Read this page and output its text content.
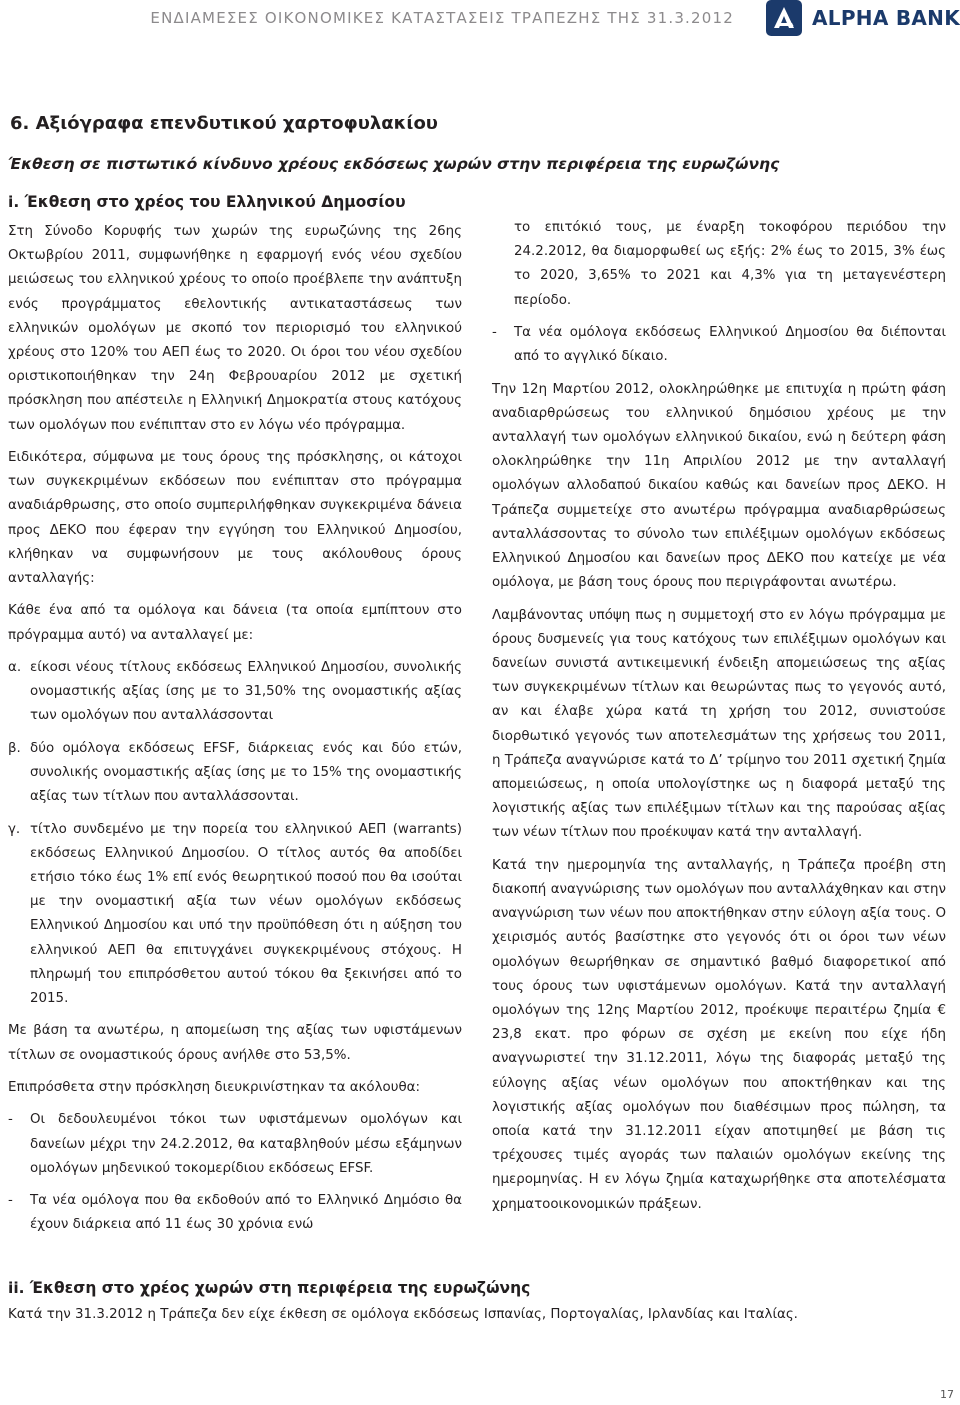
ΕΝΔΙΑΜΕΣΕΣ ΟΙΚΟΝΟΜΙΚΕΣ ΚΑΤΑΣΤΑΣΕΙΣ ΤΡΑΠΕΖΗΣ ΤΗΣ 31.3.2012	ALPHA BANK
6. Αξιόγραφα επενδυτικού χαρτοφυλακίου
Έκθεση σε πιστωτικό κίνδυνο χρέους εκδόσεως χωρών στην περιφέρεια της ευρωζώνης
i. Έκθεση στο χρέος του Ελληνικού Δημοσίου

Στη Σύνοδο Κορυφής των χωρών της ευρωζώνης της 26ης Οκτωβρίου 2011, συμφωνήθηκε η εφαρμογή ενός νέου σχεδίου μειώσεως του ελληνικού χρέους το οποίο προέβλεπε την ανάπτυξη ενός προγράμματος εθελοντικής αντικαταστάσεως των ελληνικών ομολόγων με σκοπό τον περιορισμό του ελληνικού χρέους στο 120% του ΑΕΠ έως το 2020. Οι όροι του νέου σχεδίου οριστικοποιήθηκαν την 24η Φεβρουαρίου 2012 με σχετική πρόσκληση που απέστειλε η Ελληνική Δημοκρατία στους κατόχους των ομολόγων που ενέπιπταν στο εν λόγω νέο πρόγραμμα.

Ειδικότερα, σύμφωνα με τους όρους της πρόσκλησης, οι κάτοχοι των συγκεκριμένων εκδόσεων που ενέπιπταν στο πρόγραμμα αναδιάρθρωσης, στο οποίο συμπεριλήφθηκαν συγκεκριμένα δάνεια προς ΔΕΚΟ που έφεραν την εγγύηση του Ελληνικού Δημοσίου, κλήθηκαν να συμφωνήσουν με τους ακόλουθους όρους ανταλλαγής:

Κάθε ένα από τα ομόλογα και δάνεια (τα οποία εμπίπτουν στο πρόγραμμα αυτό) να ανταλλαγεί με:

α. είκοσι νέους τίτλους εκδόσεως Ελληνικού Δημοσίου, συνολικής ονομαστικής αξίας ίσης με το 31,50% της ονομαστικής αξίας των ομολόγων που ανταλλάσσονται
β. δύο ομόλογα εκδόσεως EFSF, διάρκειας ενός και δύο ετών, συνολικής ονομαστικής αξίας ίσης με το 15% της ονομαστικής αξίας των τίτλων που ανταλλάσσονται.
γ. τίτλο συνδεμένο με την πορεία του ελληνικού ΑΕΠ (warrants) εκδόσεως Ελληνικού Δημοσίου. Ο τίτλος αυτός θα αποδίδει ετήσιο τόκο έως 1% επί ενός θεωρητικού ποσού που θα ισούται με την ονομαστική αξία των νέων ομολόγων εκδόσεως Ελληνικού Δημοσίου και υπό την προϋπόθεση ότι η αύξηση του ελληνικού ΑΕΠ θα επιτυγχάνει συγκεκριμένους στόχους. Η πληρωμή του επιπρόσθετου αυτού τόκου θα ξεκινήσει από το 2015.

Με βάση τα ανωτέρω, η απομείωση της αξίας των υφιστάμενων τίτλων σε ονομαστικούς όρους ανήλθε στο 53,5%.

Επιπρόσθετα στην πρόσκληση διευκρινίστηκαν τα ακόλουθα:

-	Οι δεδουλευμένοι τόκοι των υφιστάμενων ομολόγων και δανείων μέχρι την 24.2.2012, θα καταβληθούν μέσω εξάμηνων ομολόγων μηδενικού τοκομερίδιου εκδόσεως EFSF.
-	Τα νέα ομόλογα που θα εκδοθούν από το Ελληνικό Δημόσιο θα έχουν διάρκεια από 11 έως 30 χρόνια ενώ
το επιτόκιό τους, με έναρξη τοκοφόρου περιόδου την 24.2.2012, θα διαμορφωθεί ως εξής: 2% έως το 2015, 3% έως το 2020, 3,65% το 2021 και 4,3% για τη μεταγενέστερη περίοδο.
-	Τα νέα ομόλογα εκδόσεως Ελληνικού Δημοσίου θα διέπονται από το αγγλικό δίκαιο.

Την 12η Μαρτίου 2012, ολοκληρώθηκε με επιτυχία η πρώτη φάση αναδιαρθρώσεως του ελληνικού δημόσιου χρέους με την ανταλλαγή των ομολόγων ελληνικού δικαίου, ενώ η δεύτερη φάση ολοκληρώθηκε την 11η Απριλίου 2012 με την ανταλλαγή ομολόγων αλλοδαπού δικαίου καθώς και δανείων προς ΔΕΚΟ. Η Τράπεζα συμμετείχε στο ανωτέρω πρόγραμμα αναδιαρθρώσεως ανταλλάσσοντας το σύνολο των επιλέξιμων ομολόγων εκδόσεως Ελληνικού Δημοσίου και δανείων προς ΔΕΚΟ που κατείχε με νέα ομόλογα, με βάση τους όρους που περιγράφονται ανωτέρω.

Λαμβάνοντας υπόψη πως η συμμετοχή στο εν λόγω πρόγραμμα με όρους δυσμενείς για τους κατόχους των επιλέξιμων ομολόγων και δανείων συνιστά αντικειμενική ένδειξη απομειώσεως της αξίας των συγκεκριμένων τίτλων και θεωρώντας πως το γεγονός αυτό, αν και έλαβε χώρα κατά τη χρήση του 2012, συνιστούσε διορθωτικό γεγονός των αποτελεσμάτων της χρήσεως του 2011, η Τράπεζα αναγνώρισε κατά το Δ’ τρίμηνο του 2011 σχετική ζημία απομειώσεως, η οποία υπολογίστηκε ως η διαφορά μεταξύ της λογιστικής αξίας των επιλέξιμων τίτλων και της παρούσας αξίας των νέων τίτλων που προέκυψαν κατά την ανταλλαγή.

Κατά την ημερομηνία της ανταλλαγής, η Τράπεζα προέβη στη διακοπή αναγνώρισης των ομολόγων που ανταλλάχθηκαν και στην αναγνώριση των νέων που αποκτήθηκαν στην εύλογη αξία τους. Ο χειρισμός αυτός βασίστηκε στο γεγονός ότι οι όροι των νέων ομολόγων θεωρήθηκαν σε σημαντικό βαθμό διαφορετικοί από τους όρους των υφιστάμενων ομολόγων. Κατά την ανταλλαγή ομολόγων της 12ης Μαρτίου 2012, προέκυψε περαιτέρω ζημία € 23,8 εκατ. προ φόρων σε σχέση με εκείνη που είχε ήδη αναγνωριστεί την 31.12.2011, λόγω της διαφοράς μεταξύ της εύλογης αξίας νέων ομολόγων που αποκτήθηκαν και της λογιστικής αξίας ομολόγων που διαθέσιμων προς πώληση, τα οποία κατά την 31.12.2011 είχαν αποτιμηθεί με βάση τις τρέχουσες τιμές αγοράς των παλαιών ομολόγων εκείνης της ημερομηνίας. Η εν λόγω ζημία καταχωρήθηκε στα αποτελέσματα χρηματοοικονομικών πράξεων.

ii. Έκθεση στο χρέος χωρών στη περιφέρεια της ευρωζώνης
Κατά την 31.3.2012 η Τράπεζα δεν είχε έκθεση σε ομόλογα εκδόσεως Ισπανίας, Πορτογαλίας, Ιρλανδίας και Ιταλίας.
17
